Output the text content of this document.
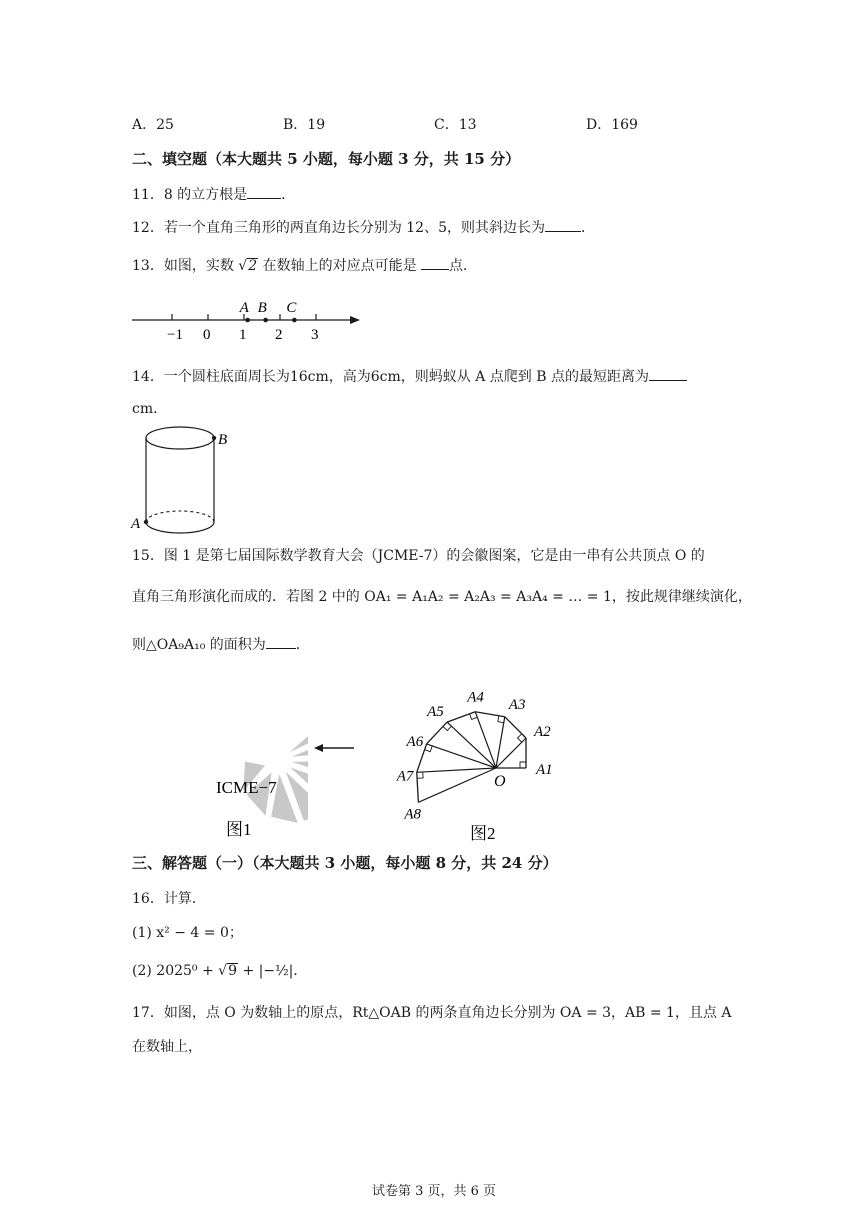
A．25	B．19	C．13	D．169
二、填空题（本大题共 5 小题，每小题 3 分，共 15 分）
11．8 的立方根是 ．
12．若一个直角三角形的两直角边长分别为 12、5，则其斜边长为	．
13．如图，实数 √2 在数轴上的对应点可能是 点．
−1 0 1 2 3
A B C
14．一个圆柱底面周长为16cm，高为6cm，则蚂蚁从 A 点爬到 B 点的最短距离为
cm．
B
A
15．图 1 是第七届国际数学教育大会（JCME-7）的会徽图案，它是由一串有公共顶点 O 的
直角三角形演化而成的．若图 2 中的 OA₁ = A₁A₂ = A₂A₃ = A₃A₄ = … = 1，按此规律继续演化，
则△OA₉A₁₀ 的面积为 ．
ICME−7
图1
O
A1
A2
A3
A4
A5
A6
A7
A8
图2
三、解答题（一）（本大题共 3 小题，每小题 8 分，共 24 分）
16．计算．
(1) x² − 4 = 0；
(2) 2025⁰ + √9 + |−½|．
17．如图，点 O 为数轴上的原点，Rt△OAB 的两条直角边长分别为 OA = 3，AB = 1，且点 A
在数轴上，
试卷第 3 页，共 6 页
